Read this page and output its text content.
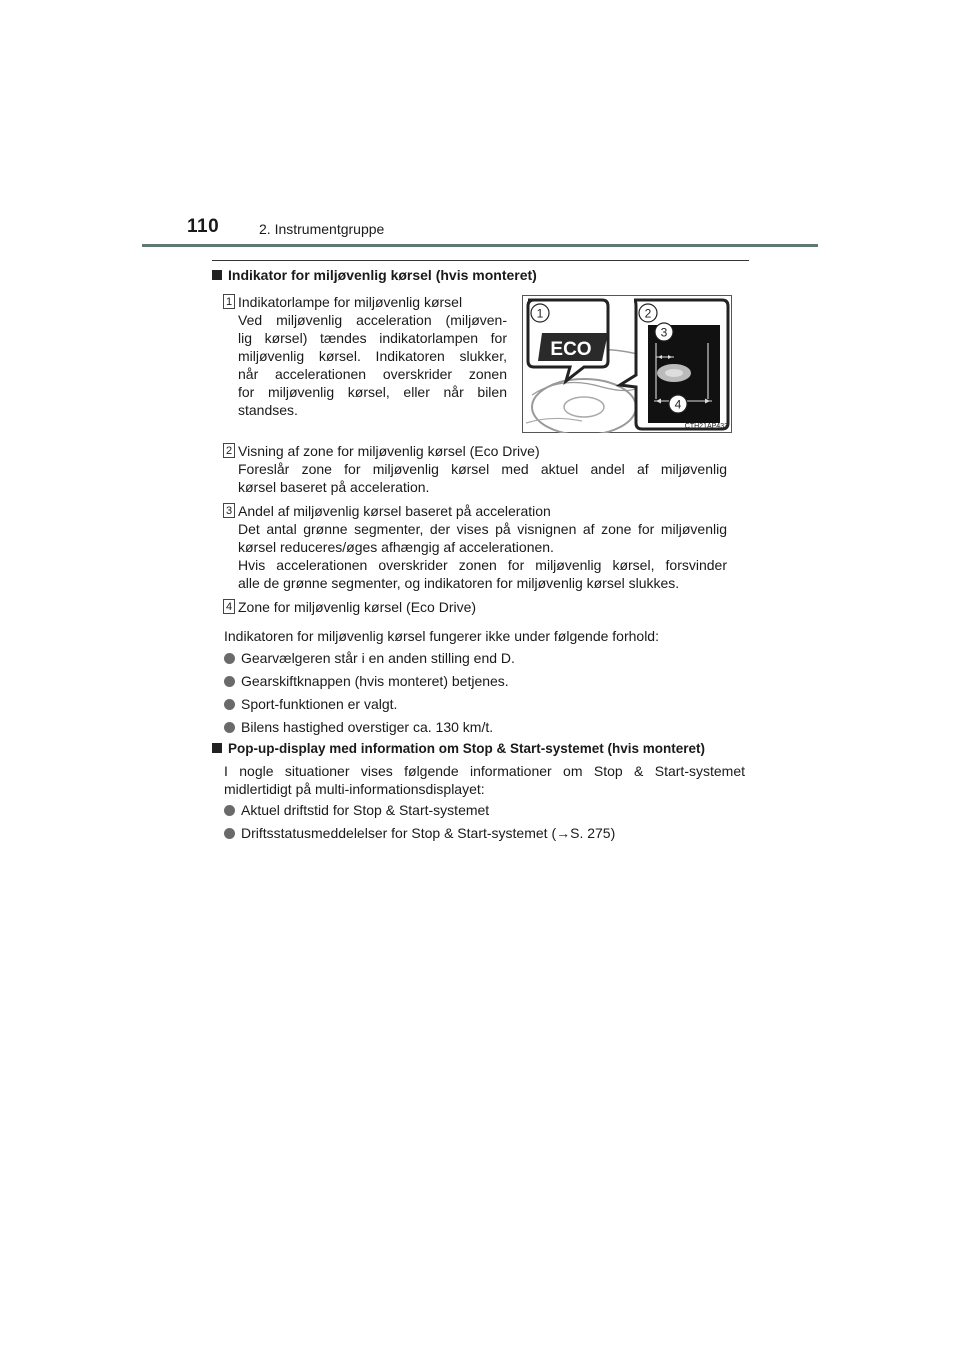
110	2. Instrumentgruppe

Indikator for miljøvenlig kørsel (hvis monteret)

1 Indikatorlampe for miljøvenlig kørsel

Ved miljøvenlig acceleration (miljøven-

lig kørsel) tændes indikatorlampen for

miljøvenlig kørsel. Indikatoren slukker,

når accelerationen overskrider zonen

for miljøvenlig kørsel, eller når bilen

standses.

ECO
1	2
3
4
CTH21AP433
2 Visning af zone for miljøvenlig kørsel (Eco Drive)

Foreslår zone for miljøvenlig kørsel med aktuel andel af miljøvenlig

kørsel baseret på acceleration.

3 Andel af miljøvenlig kørsel baseret på acceleration

Det antal grønne segmenter, der vises på visnignen af zone for miljøvenlig

kørsel reduceres/øges afhængig af accelerationen.

Hvis accelerationen overskrider zonen for miljøvenlig kørsel, forsvinder

alle de grønne segmenter, og indikatoren for miljøvenlig kørsel slukkes.

4 Zone for miljøvenlig kørsel (Eco Drive)

Indikatoren for miljøvenlig kørsel fungerer ikke under følgende forhold:

Gearvælgeren står i en anden stilling end D.

Gearskiftknappen (hvis monteret) betjenes.

Sport-funktionen er valgt.

Bilens hastighed overstiger ca. 130 km/t.

Pop-up-display med information om Stop & Start-systemet (hvis monteret)

I nogle situationer vises følgende informationer om Stop & Start-systemet

midlertidigt på multi-informationsdisplayet:

Aktuel driftstid for Stop & Start-systemet

Driftsstatusmeddelelser for Stop & Start-systemet (→S. 275)
